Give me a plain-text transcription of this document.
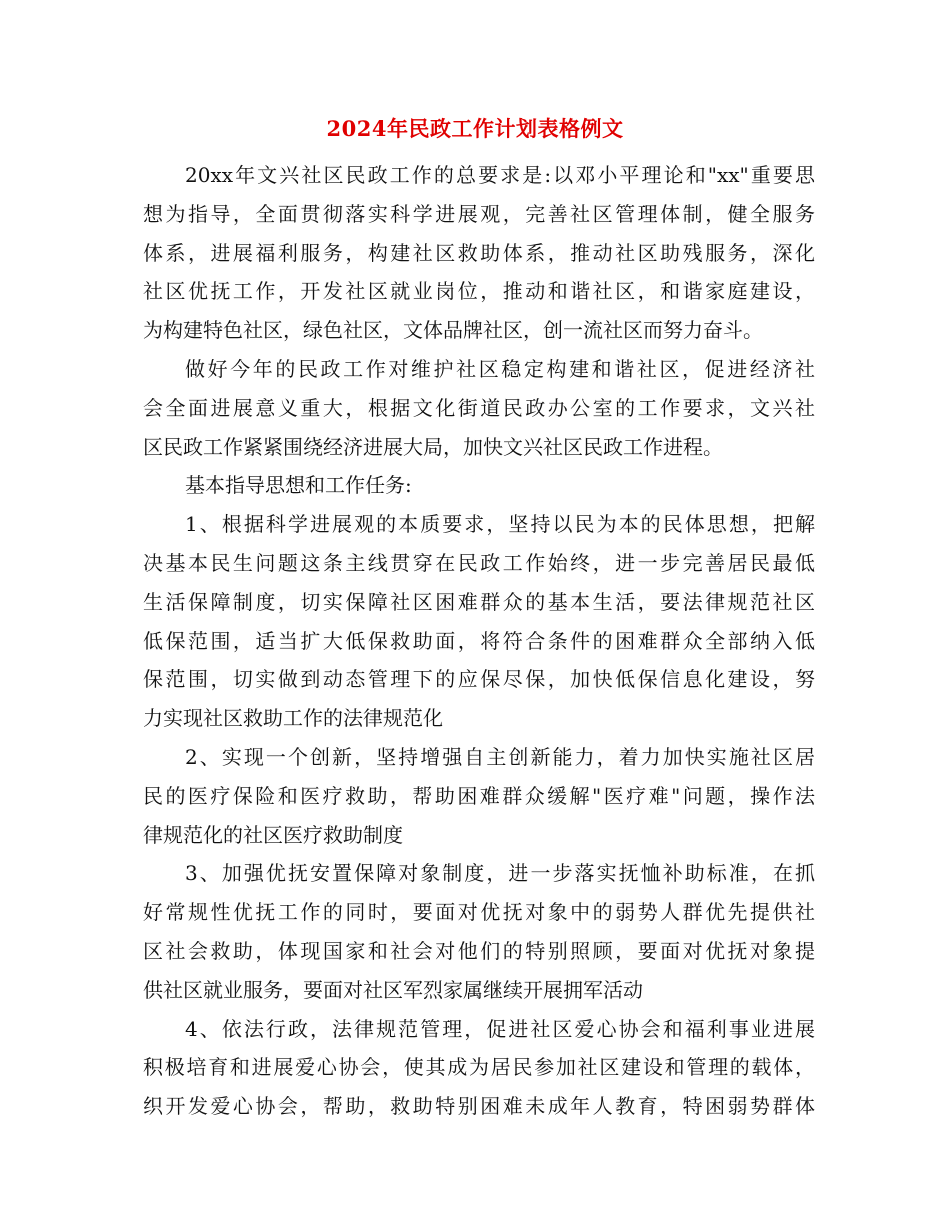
2024年民政工作计划表格例文

20xx年文兴社区民政工作的总要求是:以邓小平理论和"xx"重要思
想为指导，全面贯彻落实科学进展观，完善社区管理体制，健全服务
体系，进展福利服务，构建社区救助体系，推动社区助残服务，深化
社区优抚工作，开发社区就业岗位，推动和谐社区，和谐家庭建设，
为构建特色社区，绿色社区，文体品牌社区，创一流社区而努力奋斗。

做好今年的民政工作对维护社区稳定构建和谐社区，促进经济社
会全面进展意义重大，根据文化街道民政办公室的工作要求，文兴社
区民政工作紧紧围绕经济进展大局，加快文兴社区民政工作进程。

基本指导思想和工作任务:

1、根据科学进展观的本质要求，坚持以民为本的民体思想，把解
决基本民生问题这条主线贯穿在民政工作始终，进一步完善居民最低
生活保障制度，切实保障社区困难群众的基本生活，要法律规范社区
低保范围，适当扩大低保救助面，将符合条件的困难群众全部纳入低
保范围，切实做到动态管理下的应保尽保，加快低保信息化建设，努
力实现社区救助工作的法律规范化

2、实现一个创新，坚持增强自主创新能力，着力加快实施社区居
民的医疗保险和医疗救助，帮助困难群众缓解"医疗难"问题，操作法
律规范化的社区医疗救助制度

3、加强优抚安置保障对象制度，进一步落实抚恤补助标准，在抓
好常规性优抚工作的同时，要面对优抚对象中的弱势人群优先提供社
区社会救助，体现国家和社会对他们的特别照顾，要面对优抚对象提
供社区就业服务，要面对社区军烈家属继续开展拥军活动

4、依法行政，法律规范管理，促进社区爱心协会和福利事业进展
积极培育和进展爱心协会，使其成为居民参加社区建设和管理的载体，
织开发爱心协会，帮助，救助特别困难未成年人教育，特困弱势群体
